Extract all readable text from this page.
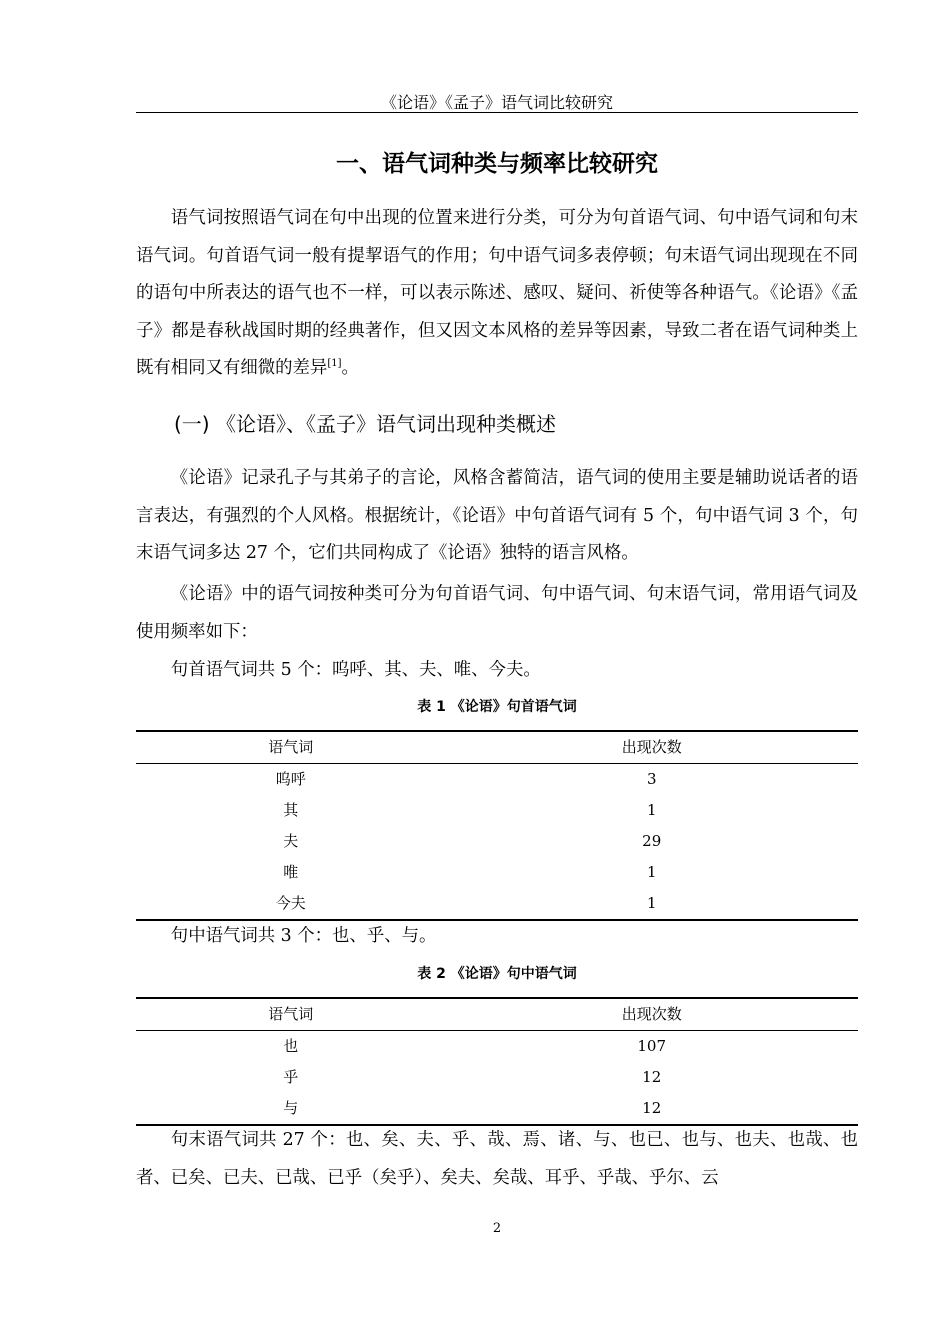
《论语》《孟子》语气词比较研究
一、语气词种类与频率比较研究

语气词按照语气词在句中出现的位置来进行分类，可分为句首语气词、句中语气词和句末语气词。句首语气词一般有提挈语气的作用；句中语气词多表停顿；句末语气词出现现在不同的语句中所表达的语气也不一样，可以表示陈述、感叹、疑问、祈使等各种语气。《论语》《孟子》都是春秋战国时期的经典著作，但又因文本风格的差异等因素，导致二者在语气词种类上既有相同又有细微的差异[1]。

(一) 《论语》、《孟子》语气词出现种类概述

《论语》记录孔子与其弟子的言论，风格含蓄简洁，语气词的使用主要是辅助说话者的语言表达，有强烈的个人风格。根据统计，《论语》中句首语气词有 5 个，句中语气词 3 个，句末语气词多达 27 个，它们共同构成了《论语》独特的语言风格。

《论语》中的语气词按种类可分为句首语气词、句中语气词、句末语气词，常用语气词及使用频率如下：

句首语气词共 5 个：呜呼、其、夫、唯、今夫。

表 1 《论语》句首语气词
语气词	出现次数
呜呼	3
其	1
夫	29
唯	1
今夫	1

句中语气词共 3 个：也、乎、与。

表 2 《论语》句中语气词
语气词	出现次数
也	107
乎	12
与	12

句末语气词共 27 个：也、矣、夫、乎、哉、焉、诸、与、也已、也与、也夫、也哉、也者、已矣、已夫、已哉、已乎（矣乎）、矣夫、矣哉、耳乎、乎哉、乎尔、云

2
